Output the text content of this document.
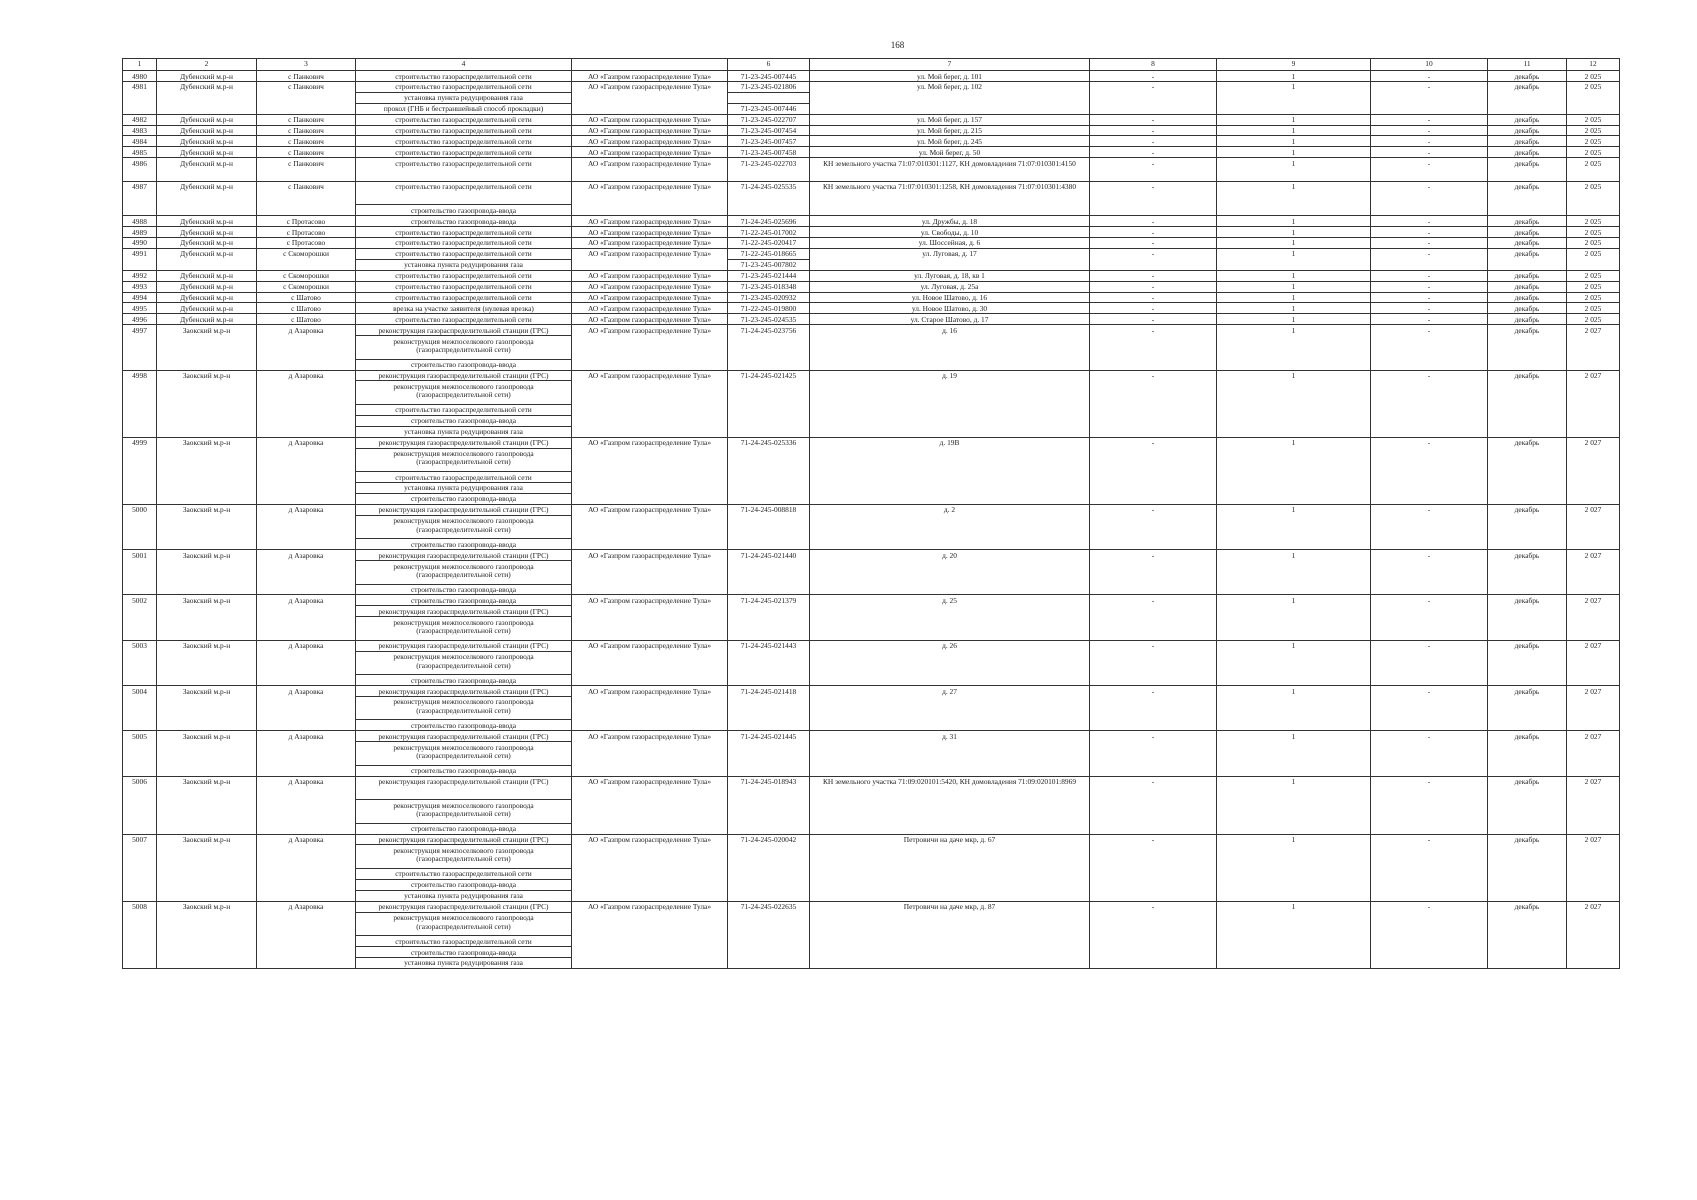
168
1	2	3	4		6	7	8	9	10	11	12
4980	Дубенский м.р-н	с Панкович	строительство газораспределительной сети	АО «Газпром газораспределение Тула»	71-23-245-007445	ул. Мой берег, д. 101	-	1	-	декабрь	2 025
4981	Дубенский м.р-н	с Панкович	строительство газораспределительной сети	АО «Газпром газораспределение Тула»	71-23-245-021806	ул. Мой берег, д. 102	-	1	-	декабрь	2 025
			установка пункта редуцирования газа								
			прокол (ГНБ и бестраншейный способ прокладки)		71-23-245-007446						
4982	Дубенский м.р-н	с Панкович	строительство газораспределительной сети	АО «Газпром газораспределение Тула»	71-23-245-022707	ул. Мой берег, д. 157	-	1	-	декабрь	2 025
4983	Дубенский м.р-н	с Панкович	строительство газораспределительной сети	АО «Газпром газораспределение Тула»	71-23-245-007454	ул. Мой берег, д. 215	-	1	-	декабрь	2 025
4984	Дубенский м.р-н	с Панкович	строительство газораспределительной сети	АО «Газпром газораспределение Тула»	71-23-245-007457	ул. Мой берег, д. 245	-	1	-	декабрь	2 025
4985	Дубенский м.р-н	с Панкович	строительство газораспределительной сети	АО «Газпром газораспределение Тула»	71-23-245-007458	ул. Мой берег, д. 50	-	1	-	декабрь	2 025
4986	Дубенский м.р-н	с Панкович	строительство газораспределительной сети	АО «Газпром газораспределение Тула»	71-23-245-022703	КН земельного участка 71:07:010301:1127, КН домовладения 71:07:010301:4150	-	1	-	декабрь	2 025
4987	Дубенский м.р-н	с Панкович	строительство газораспределительной сети	АО «Газпром газораспределение Тула»	71-24-245-025535	КН земельного участка 71:07:010301:1258, КН домовладения 71:07:010301:4380	-	1	-	декабрь	2 025
			строительство газопровода-ввода								
4988	Дубенский м.р-н	с Протасово	строительство газопровода-ввода	АО «Газпром газораспределение Тула»	71-24-245-025696	ул. Дружбы, д. 18	-	1	-	декабрь	2 025
4989	Дубенский м.р-н	с Протасово	строительство газораспределительной сети	АО «Газпром газораспределение Тула»	71-22-245-017002	ул. Свободы, д. 10	-	1	-	декабрь	2 025
4990	Дубенский м.р-н	с Протасово	строительство газораспределительной сети	АО «Газпром газораспределение Тула»	71-22-245-020417	ул. Шоссейная, д. 6	-	1	-	декабрь	2 025
4991	Дубенский м.р-н	с Скоморошки	строительство газораспределительной сети	АО «Газпром газораспределение Тула»	71-22-245-018665	ул. Луговая, д. 17	-	1	-	декабрь	2 025
			установка пункта редуцирования газа		71-23-245-007802						
4992	Дубенский м.р-н	с Скоморошки	строительство газораспределительной сети	АО «Газпром газораспределение Тула»	71-23-245-021444	ул. Луговая, д. 18, кв 1	-	1	-	декабрь	2 025
4993	Дубенский м.р-н	с Скоморошки	строительство газораспределительной сети	АО «Газпром газораспределение Тула»	71-23-245-018348	ул. Луговая, д. 25а	-	1	-	декабрь	2 025
4994	Дубенский м.р-н	с Шатово	строительство газораспределительной сети	АО «Газпром газораспределение Тула»	71-23-245-020932	ул. Новое Шатово, д. 16	-	1	-	декабрь	2 025
4995	Дубенский м.р-н	с Шатово	врезка на участке заявителя (нулевая врезка)	АО «Газпром газораспределение Тула»	71-22-245-019800	ул. Новое Шатово, д. 30	-	1	-	декабрь	2 025
4996	Дубенский м.р-н	с Шатово	строительство газораспределительной сети	АО «Газпром газораспределение Тула»	71-23-245-024535	ул. Старое Шатово, д. 17	-	1	-	декабрь	2 025
4997	Заокский м.р-н	д Азаровка	реконструкция газораспределительной станции (ГРС)	АО «Газпром газораспределение Тула»	71-24-245-023756	д. 16	-	1	-	декабрь	2 027
			реконструкция межпоселкового газопровода (газораспределительной сети)								
			строительство газопровода-ввода								
4998	Заокский м.р-н	д Азаровка	реконструкция газораспределительной станции (ГРС)	АО «Газпром газораспределение Тула»	71-24-245-021425	д. 19	-	1	-	декабрь	2 027
			реконструкция межпоселкового газопровода (газораспределительной сети)								
			строительство газораспределительной сети								
			строительство газопровода-ввода								
			установка пункта редуцирования газа								
4999	Заокский м.р-н	д Азаровка	реконструкция газораспределительной станции (ГРС)	АО «Газпром газораспределение Тула»	71-24-245-025336	д. 19В	-	1	-	декабрь	2 027
			реконструкция межпоселкового газопровода (газораспределительной сети)								
			строительство газораспределительной сети								
			установка пункта редуцирования газа								
			строительство газопровода-ввода								
5000	Заокский м.р-н	д Азаровка	реконструкция газораспределительной станции (ГРС)	АО «Газпром газораспределение Тула»	71-24-245-008818	д. 2	-	1	-	декабрь	2 027
			реконструкция межпоселкового газопровода (газораспределительной сети)								
			строительство газопровода-ввода								
5001	Заокский м.р-н	д Азаровка	реконструкция газораспределительной станции (ГРС)	АО «Газпром газораспределение Тула»	71-24-245-021440	д. 20	-	1	-	декабрь	2 027
			реконструкция межпоселкового газопровода (газораспределительной сети)								
			строительство газопровода-ввода								
5002	Заокский м.р-н	д Азаровка	строительство газопровода-ввода	АО «Газпром газораспределение Тула»	71-24-245-021379	д. 25	-	1	-	декабрь	2 027
			реконструкция газораспределительной станции (ГРС)								
			реконструкция межпоселкового газопровода (газораспределительной сети)								
5003	Заокский м.р-н	д Азаровка	реконструкция газораспределительной станции (ГРС)	АО «Газпром газораспределение Тула»	71-24-245-021443	д. 26	-	1	-	декабрь	2 027
			реконструкция межпоселкового газопровода (газораспределительной сети)								
			строительство газопровода-ввода								
5004	Заокский м.р-н	д Азаровка	реконструкция газораспределительной станции (ГРС)	АО «Газпром газораспределение Тула»	71-24-245-021418	д. 27	-	1	-	декабрь	2 027
			реконструкция межпоселкового газопровода (газораспределительной сети)								
			строительство газопровода-ввода								
5005	Заокский м.р-н	д Азаровка	реконструкция газораспределительной станции (ГРС)	АО «Газпром газораспределение Тула»	71-24-245-021445	д. 31	-	1	-	декабрь	2 027
			реконструкция межпоселкового газопровода (газораспределительной сети)								
			строительство газопровода-ввода								
5006	Заокский м.р-н	д Азаровка	реконструкция газораспределительной станции (ГРС)	АО «Газпром газораспределение Тула»	71-24-245-018943	КН земельного участка 71:09:020101:5420, КН домовладения 71:09:020101:8969	-	1	-	декабрь	2 027
			реконструкция межпоселкового газопровода (газораспределительной сети)								
			строительство газопровода-ввода								
5007	Заокский м.р-н	д Азаровка	реконструкция газораспределительной станции (ГРС)	АО «Газпром газораспределение Тула»	71-24-245-020042	Петровичи на даче мкр, д. 67	-	1	-	декабрь	2 027
			реконструкция межпоселкового газопровода (газораспределительной сети)								
			строительство газораспределительной сети								
			строительство газопровода-ввода								
			установка пункта редуцирования газа								
5008	Заокский м.р-н	д Азаровка	реконструкция газораспределительной станции (ГРС)	АО «Газпром газораспределение Тула»	71-24-245-022635	Петровичи на даче мкр, д. 87	-	1	-	декабрь	2 027
			реконструкция межпоселкового газопровода (газораспределительной сети)								
			строительство газораспределительной сети								
			строительство газопровода-ввода								
			установка пункта редуцирования газа								
